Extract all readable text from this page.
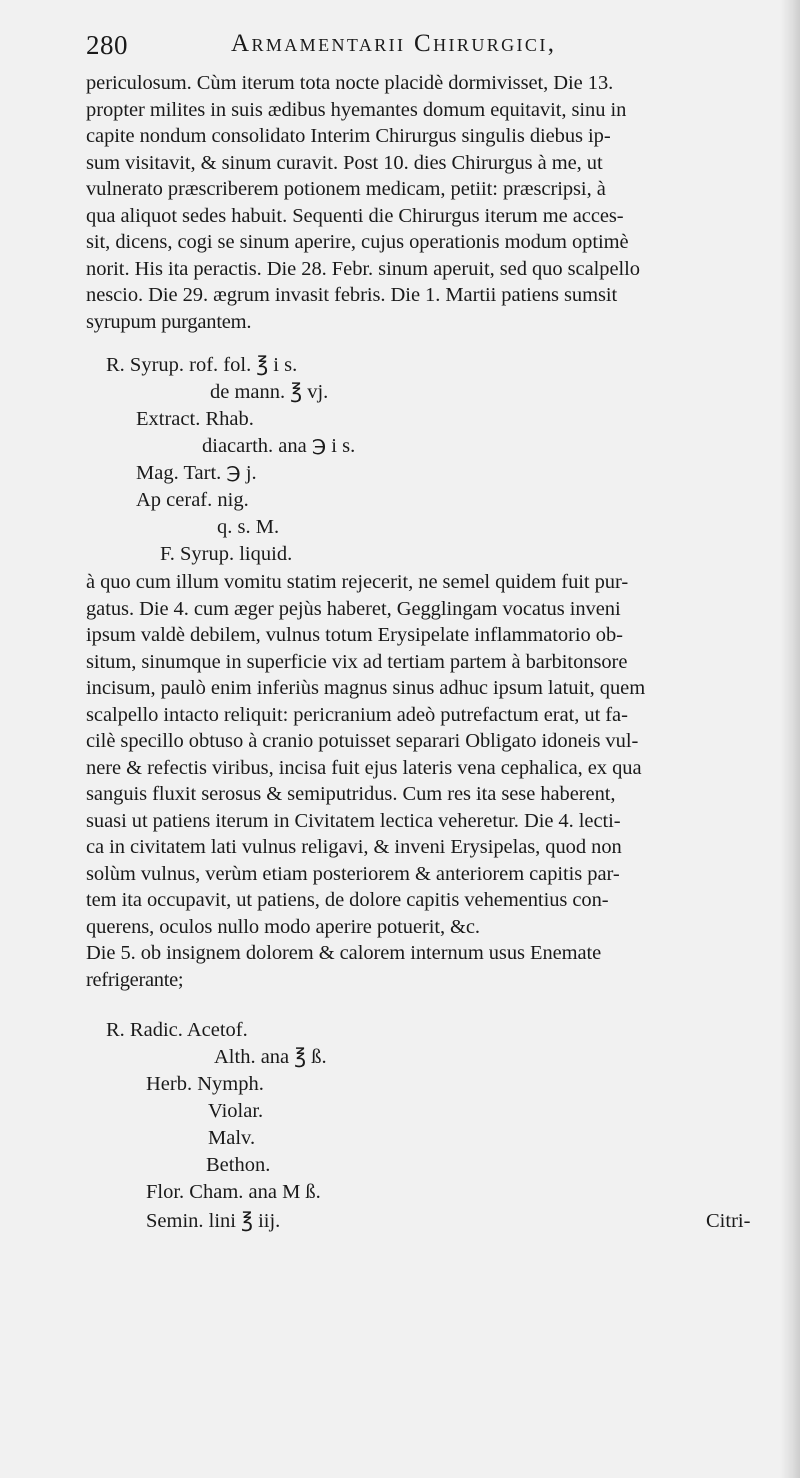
280	Armamentarii Chirurgici,
periculosum. Cùm iterum tota nocte placidè dormivisset, Die 13.
propter milites in suis ædibus hyemantes domum equitavit, sinu in
capite nondum consolidato Interim Chirurgus singulis diebus ip-
sum visitavit, & sinum curavit. Post 10. dies Chirurgus à me, ut
vulnerato præscriberem potionem medicam, petiit: præscripsi, à
qua aliquot sedes habuit. Sequenti die Chirurgus iterum me acces-
sit, dicens, cogi se sinum aperire, cujus operationis modum optimè
norit. His ita peractis. Die 28. Febr. sinum aperuit, sed quo scalpello
nescio. Die 29. ægrum invasit febris. Die 1. Martii patiens sumsit
syrupum purgantem.
R. Syrup. rof. fol. ℥ i s.
de mann. ℥ vj.
Extract. Rhab.
diacarth. ana ℈ i s.
Mag. Tart. ℈ j.
Ap ceraf. nig.
q. s. M.
F. Syrup. liquid.
à quo cum illum vomitu statim rejecerit, ne semel quidem fuit pur-
gatus. Die 4. cum æger pejùs haberet, Gegglingam vocatus inveni
ipsum valdè debilem, vulnus totum Erysipelate inflammatorio ob-
situm, sinumque in superficie vix ad tertiam partem à barbitonsore
incisum, paulò enim inferiùs magnus sinus adhuc ipsum latuit, quem
scalpello intacto reliquit: pericranium adeò putrefactum erat, ut fa-
cilè specillo obtuso à cranio potuisset separari Obligato idoneis vul-
nere & refectis viribus, incisa fuit ejus lateris vena cephalica, ex qua
sanguis fluxit serosus & semiputridus. Cum res ita sese haberent,
suasi ut patiens iterum in Civitatem lectica veheretur. Die 4. lecti-
ca in civitatem lati vulnus religavi, & inveni Erysipelas, quod non
solùm vulnus, verùm etiam posteriorem & anteriorem capitis par-
tem ita occupavit, ut patiens, de dolore capitis vehementius con-
querens, oculos nullo modo aperire potuerit, &c.
Die 5. ob insignem dolorem & calorem internum usus Enemate
refrigerante;
R. Radic. Acetof.
Alth. ana ℥ ß.
Herb. Nymph.
Violar.
Malv.
Bethon.
Flor. Cham. ana M ß.
Semin. lini ℥ iij.	Citri-
